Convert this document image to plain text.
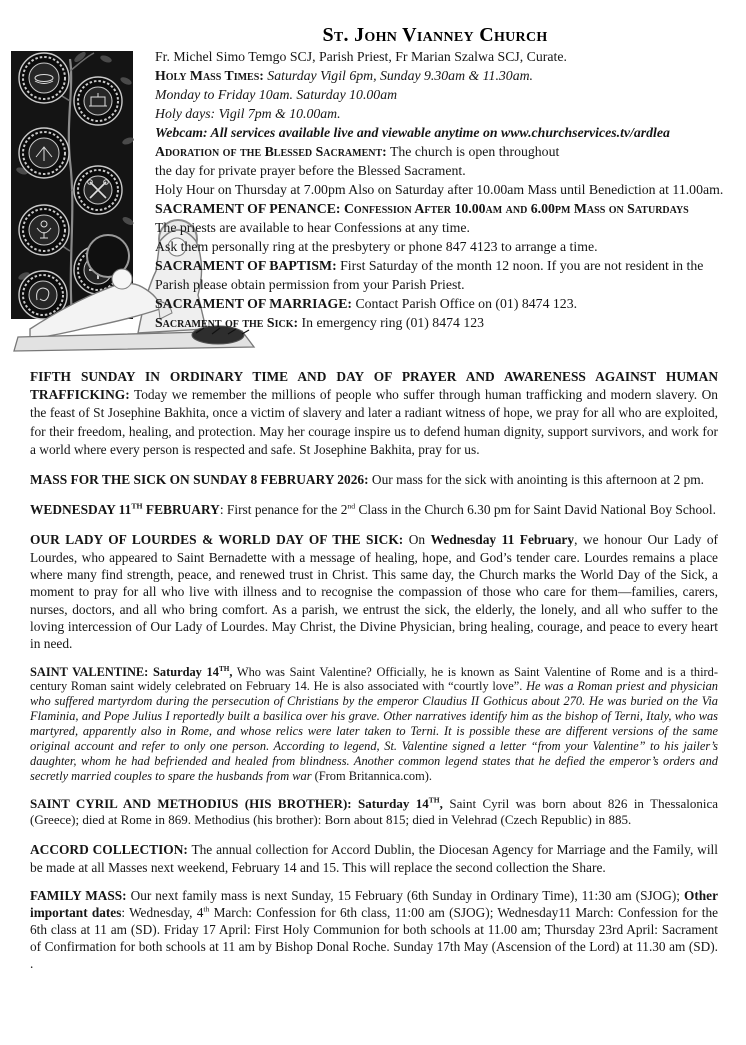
St. John Vianney Church
Fr. Michel Simo Temgo SCJ, Parish Priest, Fr Marian Szalwa SCJ, Curate.
Holy Mass Times: Saturday Vigil 6pm, Sunday 9.30am & 11.30am.
Monday to Friday 10am. Saturday 10.00am
Holy days: Vigil 7pm & 10.00am.
Webcam: All services available live and viewable anytime on www.churchservices.tv/ardlea
Adoration of the Blessed Sacrament: The church is open throughout
the day for private prayer before the Blessed Sacrament.
Holy Hour on Thursday at 7.00pm Also on Saturday after 10.00am Mass until Benediction at 11.00am.
SACRAMENT OF PENANCE: Confession After 10.00am and 6.00pm Mass on Saturdays
The priests are available to hear Confessions at any time.
Ask them personally ring at the presbytery or phone 847 4123 to arrange a time.
SACRAMENT OF BAPTISM: First Saturday of the month 12 noon. If you are not resident in the Parish please obtain permission from your Parish Priest.
SACRAMENT OF MARRIAGE: Contact Parish Office on (01) 8474 123.
Sacrament of the Sick: In emergency ring (01) 8474 123

FIFTH SUNDAY IN ORDINARY TIME AND DAY OF PRAYER AND AWARENESS AGAINST HUMAN TRAFFICKING: Today we remember the millions of people who suffer through human trafficking and modern slavery. On the feast of St Josephine Bakhita, once a victim of slavery and later a radiant witness of hope, we pray for all who are exploited, for their freedom, healing, and protection. May her courage inspire us to defend human dignity, support survivors, and work for a world where every person is respected and safe. St Josephine Bakhita, pray for us.

MASS FOR THE SICK ON SUNDAY 8 FEBRUARY 2026: Our mass for the sick with anointing is this afternoon at 2 pm.

WEDNESDAY 11TH FEBRUARY: First penance for the 2nd Class in the Church 6.30 pm for Saint David National Boy School.

OUR LADY OF LOURDES & WORLD DAY OF THE SICK: On Wednesday 11 February, we honour Our Lady of Lourdes, who appeared to Saint Bernadette with a message of healing, hope, and God’s tender care. Lourdes remains a place where many find strength, peace, and renewed trust in Christ. This same day, the Church marks the World Day of the Sick, a moment to pray for all who live with illness and to recognise the compassion of those who care for them—families, carers, nurses, doctors, and all who bring comfort. As a parish, we entrust the sick, the elderly, the lonely, and all who suffer to the loving intercession of Our Lady of Lourdes. May Christ, the Divine Physician, bring healing, courage, and peace to every heart in need.

SAINT VALENTINE: Saturday 14TH, Who was Saint Valentine? Officially, he is known as Saint Valentine of Rome and is a third-century Roman saint widely celebrated on February 14. He is also associated with “courtly love”. He was a Roman priest and physician who suffered martyrdom during the persecution of Christians by the emperor Claudius II Gothicus about 270. He was buried on the Via Flaminia, and Pope Julius I reportedly built a basilica over his grave. Other narratives identify him as the bishop of Terni, Italy, who was martyred, apparently also in Rome, and whose relics were later taken to Terni. It is possible these are different versions of the same original account and refer to only one person. According to legend, St. Valentine signed a letter “from your Valentine” to his jailer’s daughter, whom he had befriended and healed from blindness. Another common legend states that he defied the emperor’s orders and secretly married couples to spare the husbands from war (From Britannica.com).

SAINT CYRIL AND METHODIUS (HIS BROTHER): Saturday 14TH, Saint Cyril was born about 826 in Thessalonica (Greece); died at Rome in 869. Methodius (his brother): Born about 815; died in Velehrad (Czech Republic) in 885.

ACCORD COLLECTION: The annual collection for Accord Dublin, the Diocesan Agency for Marriage and the Family, will be made at all Masses next weekend, February 14 and 15. This will replace the second collection the Share.

FAMILY MASS: Our next family mass is next Sunday, 15 February (6th Sunday in Ordinary Time), 11:30 am (SJOG); Other important dates: Wednesday, 4th March: Confession for 6th class, 11:00 am (SJOG); Wednesday11 March: Confession for the 6th class at 11 am (SD). Friday 17 April: First Holy Communion for both schools at 11.00 am; Thursday 23rd April: Sacrament of Confirmation for both schools at 11 am by Bishop Donal Roche. Sunday 17th May (Ascension of the Lord) at 11.30 am (SD). .
